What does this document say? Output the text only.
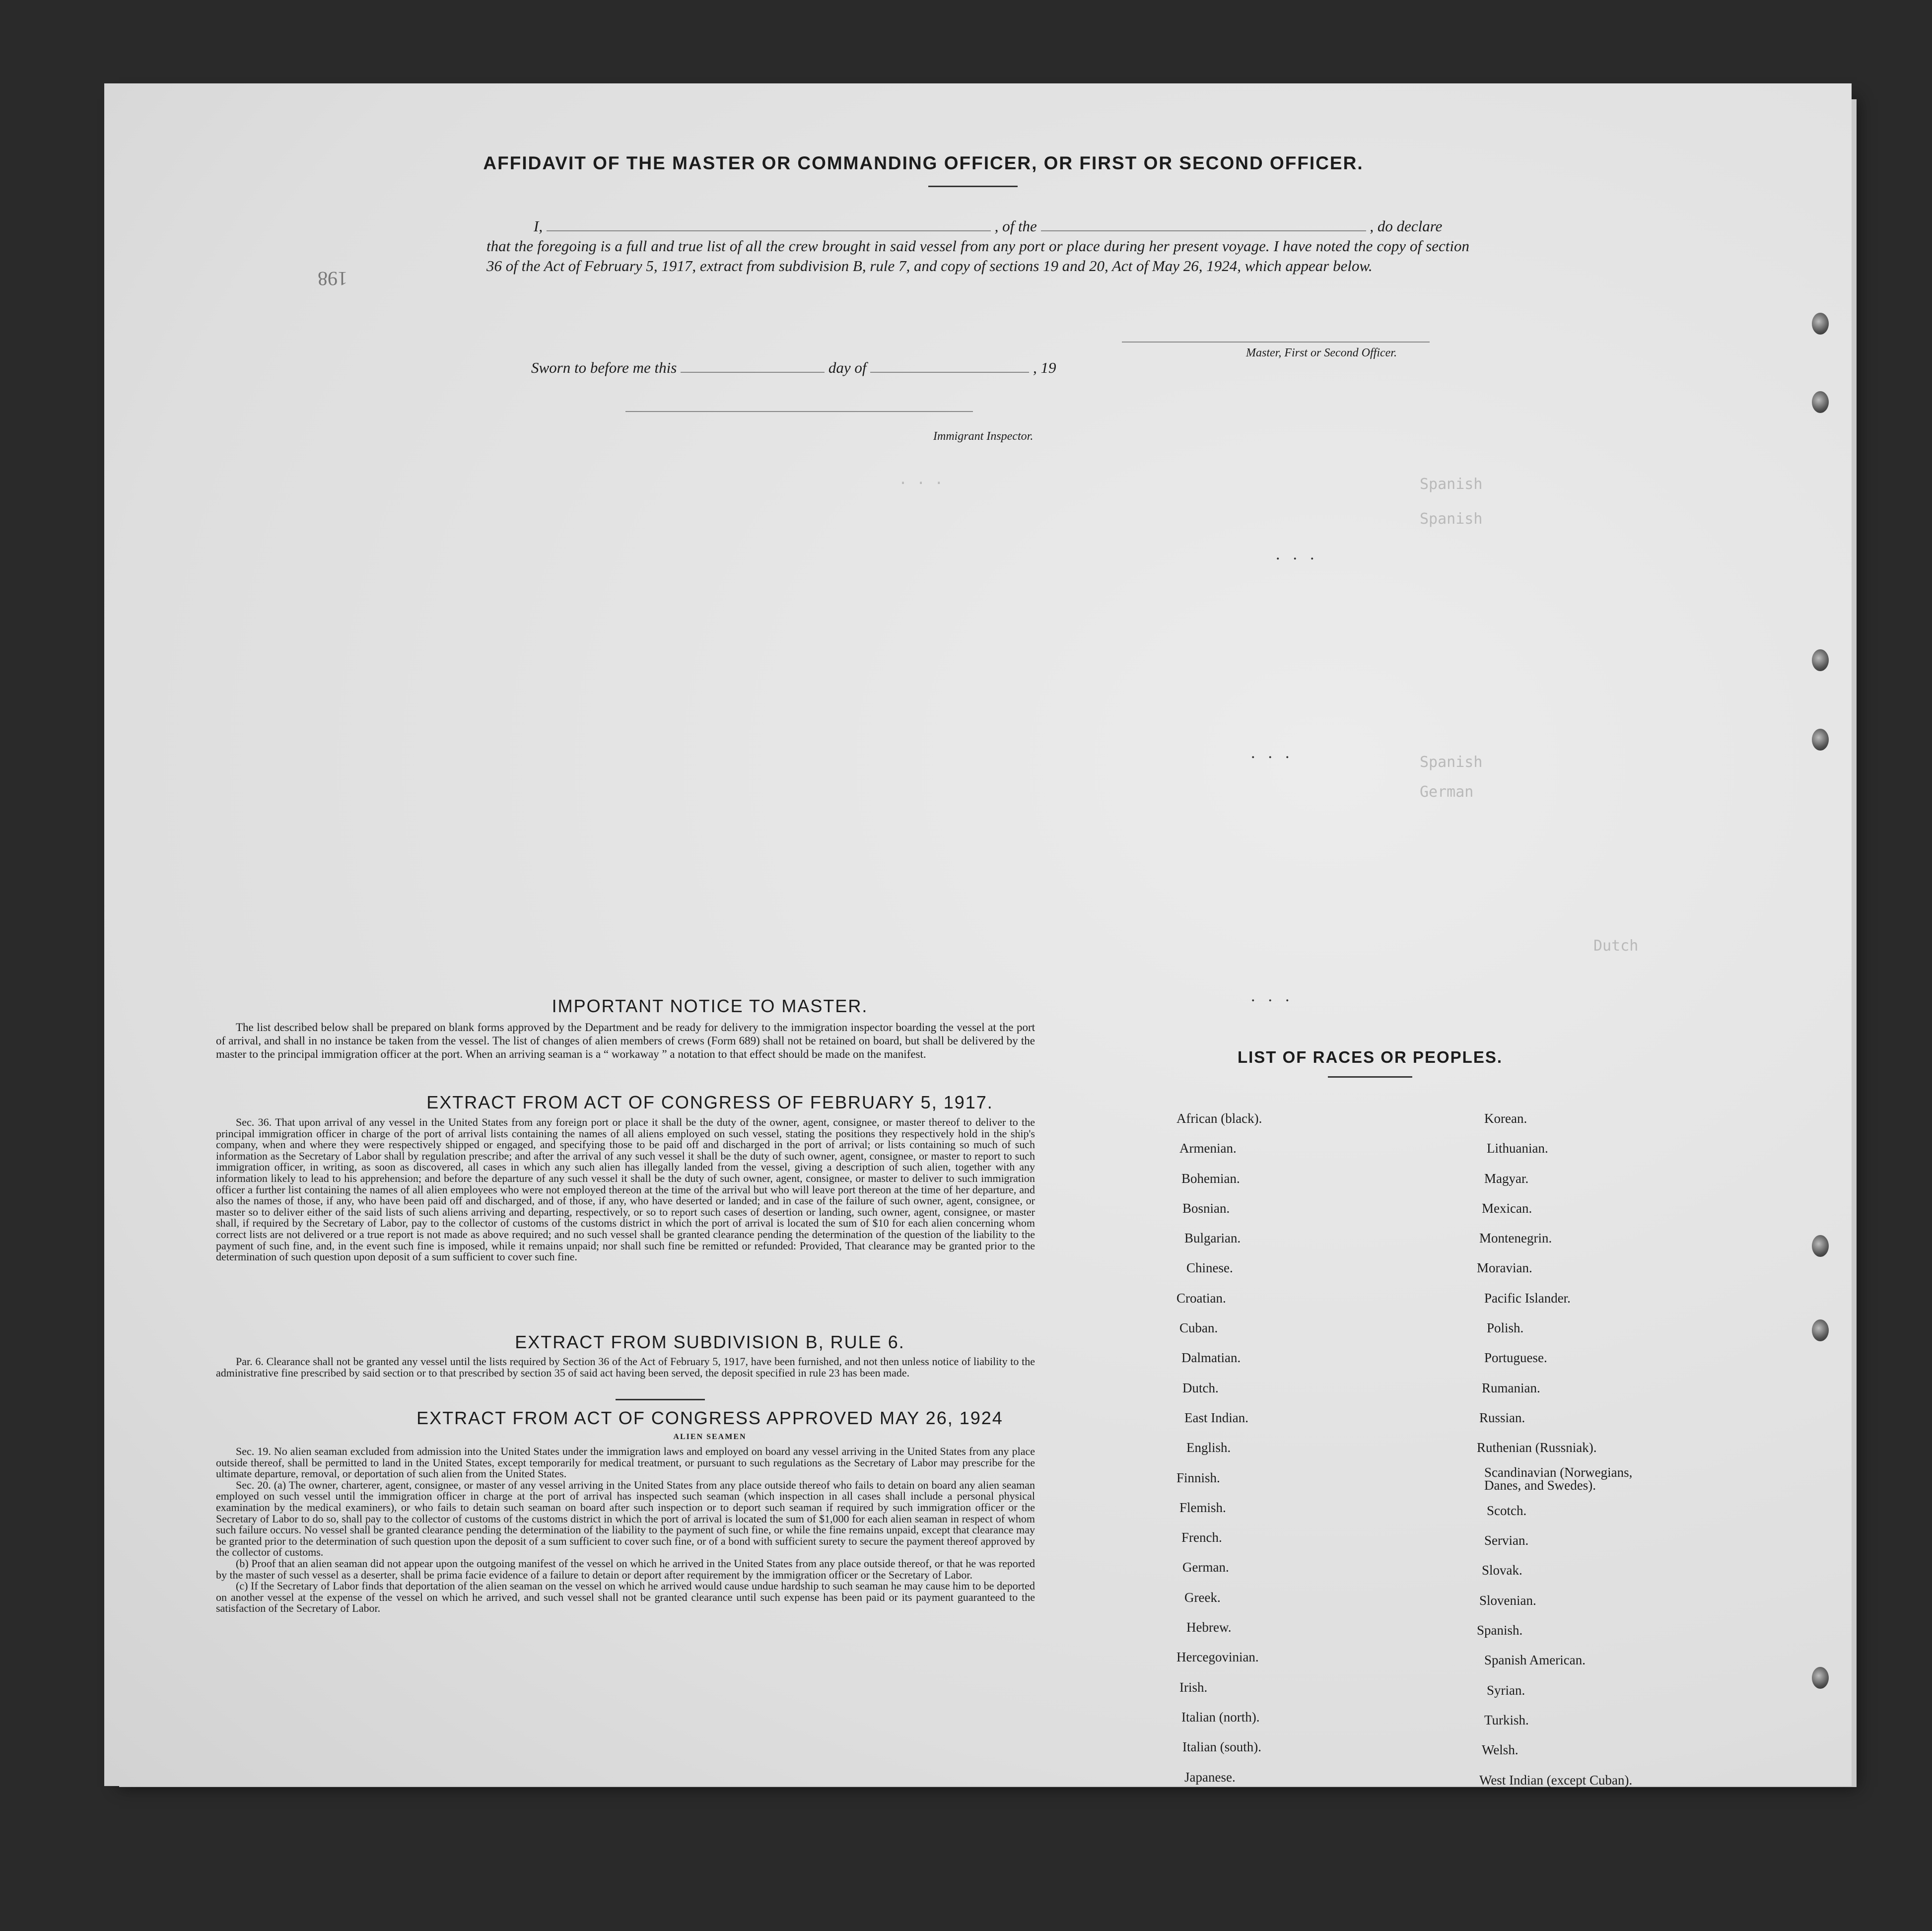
. . .	Spanish
Spanish
Spanish
German
Dutch
198
AFFIDAVIT OF THE MASTER OR COMMANDING OFFICER, OR FIRST OR SECOND OFFICER.
I,	, of the	, do declare
that the foregoing is a full and true list of all the crew brought in said vessel from any port or place during her present voyage. I have noted the copy of section 36 of the Act of February 5, 1917, extract from subdivision B, rule 7, and copy of sections 19 and 20, Act of May 26, 1924, which appear below.
Master, First or Second Officer.
Sworn to before me this	day of	, 19
Immigrant Inspector.
IMPORTANT NOTICE TO MASTER.
The list described below shall be prepared on blank forms approved by the Department and be ready for delivery to the immigration inspector boarding the vessel at the port of arrival, and shall in no instance be taken from the vessel. The list of changes of alien members of crews (Form 689) shall not be retained on board, but shall be delivered by the master to the principal immigration officer at the port. When an arriving seaman is a “ workaway ” a notation to that effect should be made on the manifest.
EXTRACT FROM ACT OF CONGRESS OF FEBRUARY 5, 1917.
Sec. 36. That upon arrival of any vessel in the United States from any foreign port or place it shall be the duty of the owner, agent, consignee, or master thereof to deliver to the principal immigration officer in charge of the port of arrival lists containing the names of all aliens employed on such vessel, stating the positions they respectively hold in the ship's company, when and where they were respectively shipped or engaged, and specifying those to be paid off and discharged in the port of arrival; or lists containing so much of such information as the Secretary of Labor shall by regulation prescribe; and after the arrival of any such vessel it shall be the duty of such owner, agent, consignee, or master to report to such immigration officer, in writing, as soon as discovered, all cases in which any such alien has illegally landed from the vessel, giving a description of such alien, together with any information likely to lead to his apprehension; and before the departure of any such vessel it shall be the duty of such owner, agent, consignee, or master to deliver to such immigration officer a further list containing the names of all alien employees who were not employed thereon at the time of the arrival but who will leave port thereon at the time of her departure, and also the names of those, if any, who have been paid off and discharged, and of those, if any, who have deserted or landed; and in case of the failure of such owner, agent, consignee, or master so to deliver either of the said lists of such aliens arriving and departing, respectively, or so to report such cases of desertion or landing, such owner, agent, consignee, or master shall, if required by the Secretary of Labor, pay to the collector of customs of the customs district in which the port of arrival is located the sum of $10 for each alien concerning whom correct lists are not delivered or a true report is not made as above required; and no such vessel shall be granted clearance pending the determination of the question of the liability to the payment of such fine, and, in the event such fine is imposed, while it remains unpaid; nor shall such fine be remitted or refunded: Provided, That clearance may be granted prior to the determination of such question upon deposit of a sum sufficient to cover such fine.
EXTRACT FROM SUBDIVISION B, RULE 6.
Par. 6. Clearance shall not be granted any vessel until the lists required by Section 36 of the Act of February 5, 1917, have been furnished, and not then unless notice of liability to the administrative fine prescribed by said section or to that prescribed by section 35 of said act having been served, the deposit specified in rule 23 has been made.
EXTRACT FROM ACT OF CONGRESS APPROVED MAY 26, 1924
ALIEN SEAMEN
Sec. 19. No alien seaman excluded from admission into the United States under the immigration laws and employed on board any vessel arriving in the United States from any place outside thereof, shall be permitted to land in the United States, except temporarily for medical treatment, or pursuant to such regulations as the Secretary of Labor may prescribe for the ultimate departure, removal, or deportation of such alien from the United States.
Sec. 20. (a) The owner, charterer, agent, consignee, or master of any vessel arriving in the United States from any place outside thereof who fails to detain on board any alien seaman employed on such vessel until the immigration officer in charge at the port of arrival has inspected such seaman (which inspection in all cases shall include a personal physical examination by the medical examiners), or who fails to detain such seaman on board after such inspection or to deport such seaman if required by such immigration officer or the Secretary of Labor to do so, shall pay to the collector of customs of the customs district in which the port of arrival is located the sum of $1,000 for each alien seaman in respect of whom such failure occurs. No vessel shall be granted clearance pending the determination of the liability to the payment of such fine, or while the fine remains unpaid, except that clearance may be granted prior to the determination of such question upon the deposit of a sum sufficient to cover such fine, or of a bond with sufficient surety to secure the payment thereof approved by the collector of customs.
(b) Proof that an alien seaman did not appear upon the outgoing manifest of the vessel on which he arrived in the United States from any place outside thereof, or that he was reported by the master of such vessel as a deserter, shall be prima facie evidence of a failure to detain or deport after requirement by the immigration officer or the Secretary of Labor.
(c) If the Secretary of Labor finds that deportation of the alien seaman on the vessel on which he arrived would cause undue hardship to such seaman he may cause him to be deported on another vessel at the expense of the vessel on which he arrived, and such vessel shall not be granted clearance until such expense has been paid or its payment guaranteed to the satisfaction of the Secretary of Labor.
LIST OF RACES OR PEOPLES.
African (black).
Armenian.
Bohemian.
Bosnian.
Bulgarian.
Chinese.
Croatian.
Cuban.
Dalmatian.
Dutch.
East Indian.
English.
Finnish.
Flemish.
French.
German.
Greek.
Hebrew.
Hercegovinian.
Irish.
Italian (north).
Italian (south).
Japanese.
Korean.
Lithuanian.
Magyar.
Mexican.
Montenegrin.
Moravian.
Pacific Islander.
Polish.
Portuguese.
Rumanian.
Russian.
Ruthenian (Russniak).
Scandinavian (Norwegians, Danes, and Swedes).
Scotch.
Servian.
Slovak.
Slovenian.
Spanish.
Spanish American.
Syrian.
Turkish.
Welsh.
West Indian (except Cuban).
...
...
...
